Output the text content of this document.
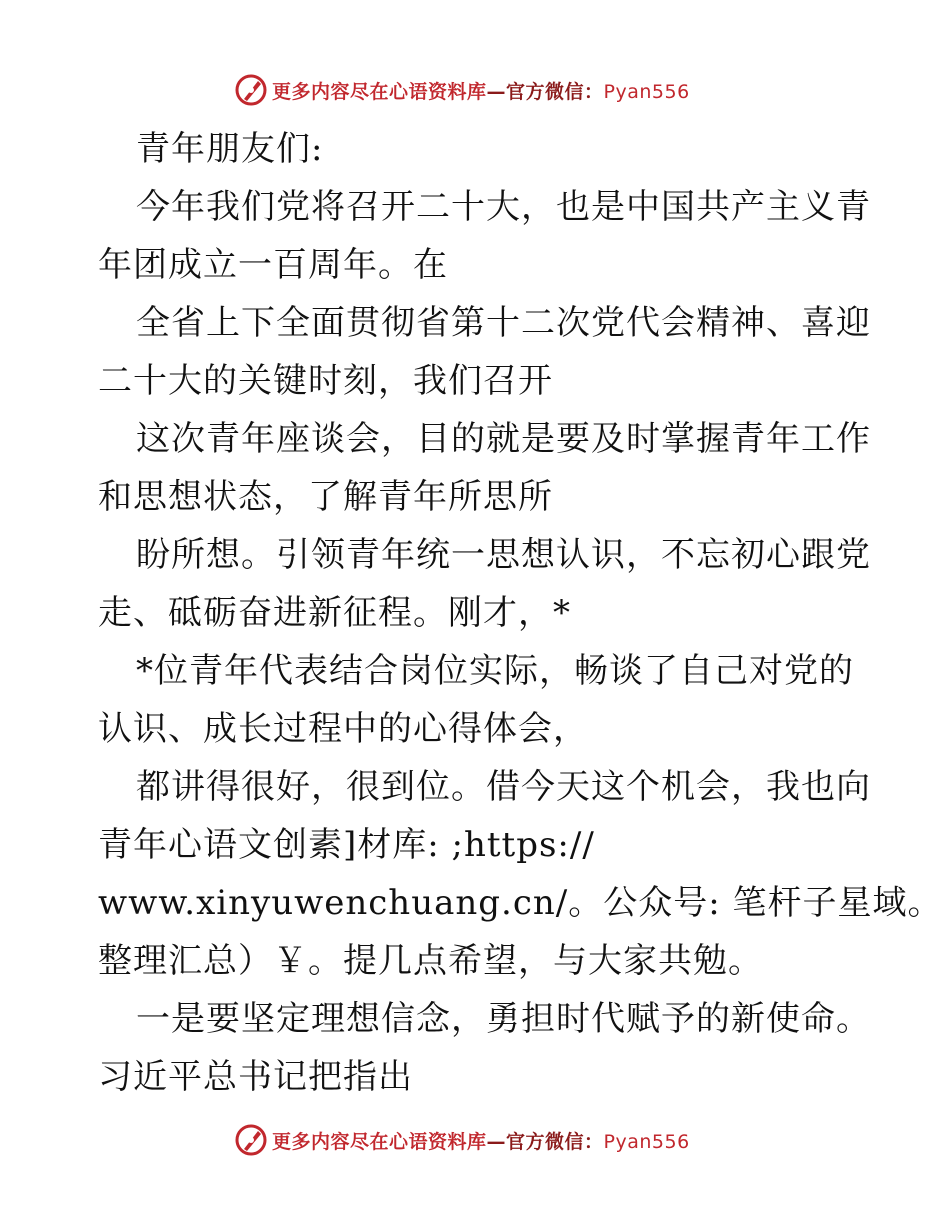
更多内容尽在心语资料库—官方微信：Pyan556
青年朋友们:
今年我们党将召开二十大，也是中国共产主义青
年团成立一百周年。在
全省上下全面贯彻省第十二次党代会精神、喜迎
二十大的关键时刻，我们召开
这次青年座谈会，目的就是要及时掌握青年工作
和思想状态，了解青年所思所
盼所想。引领青年统一思想认识，不忘初心跟党
走、砥砺奋进新征程。刚才，*
*位青年代表结合岗位实际，畅谈了自己对党的
认识、成长过程中的心得体会，
都讲得很好，很到位。借今天这个机会，我也向
青年心语文创素]材库: ;https://
www.xinyuwenchuang.cn/。公众号: 笔杆子星域。
整理汇总）￥。提几点希望，与大家共勉。
一是要坚定理想信念，勇担时代赋予的新使命。
习近平总书记把指出
更多内容尽在心语资料库—官方微信：Pyan556
